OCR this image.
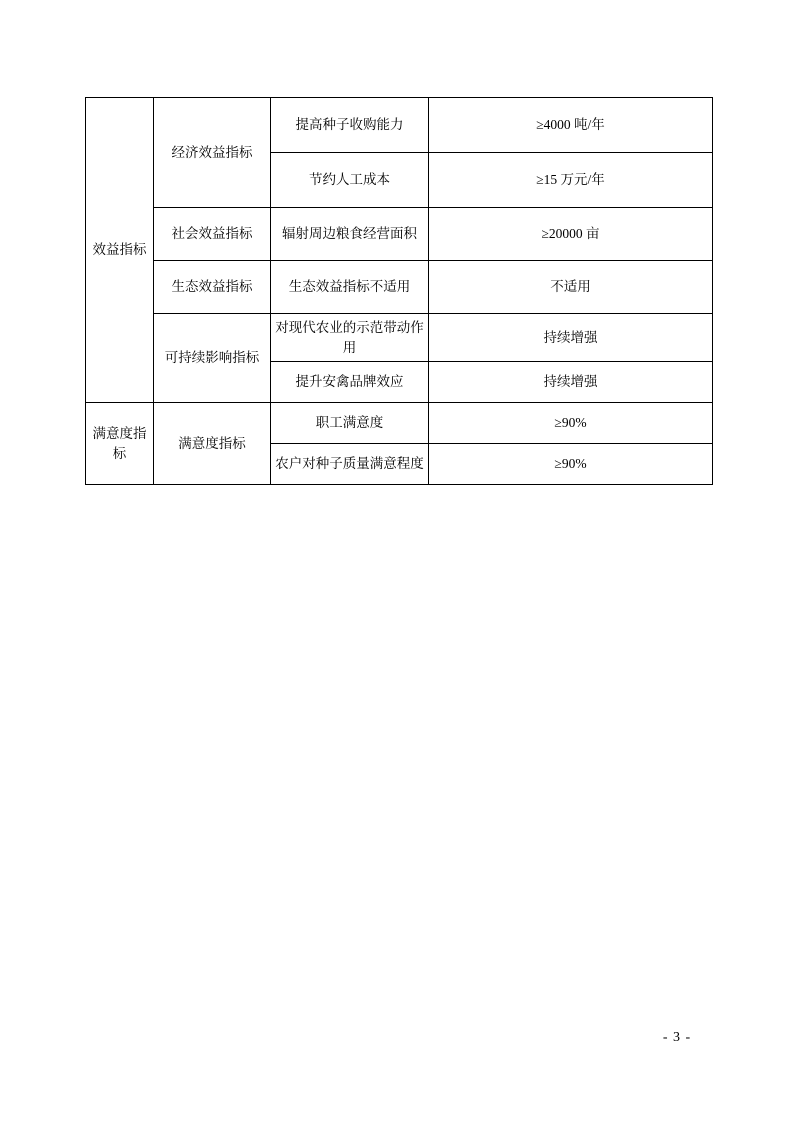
效益指标	经济效益指标	提高种子收购能力	≥4000 吨/年
		节约人工成本	≥15 万元/年
	社会效益指标	辐射周边粮食经营面积	≥20000 亩
	生态效益指标	生态效益指标不适用	不适用
	可持续影响指标	对现代农业的示范带动作用	持续增强
		提升安禽品牌效应	持续增强
满意度指标	满意度指标	职工满意度	≥90%
		农户对种子质量满意程度	≥90%
- 3 -
